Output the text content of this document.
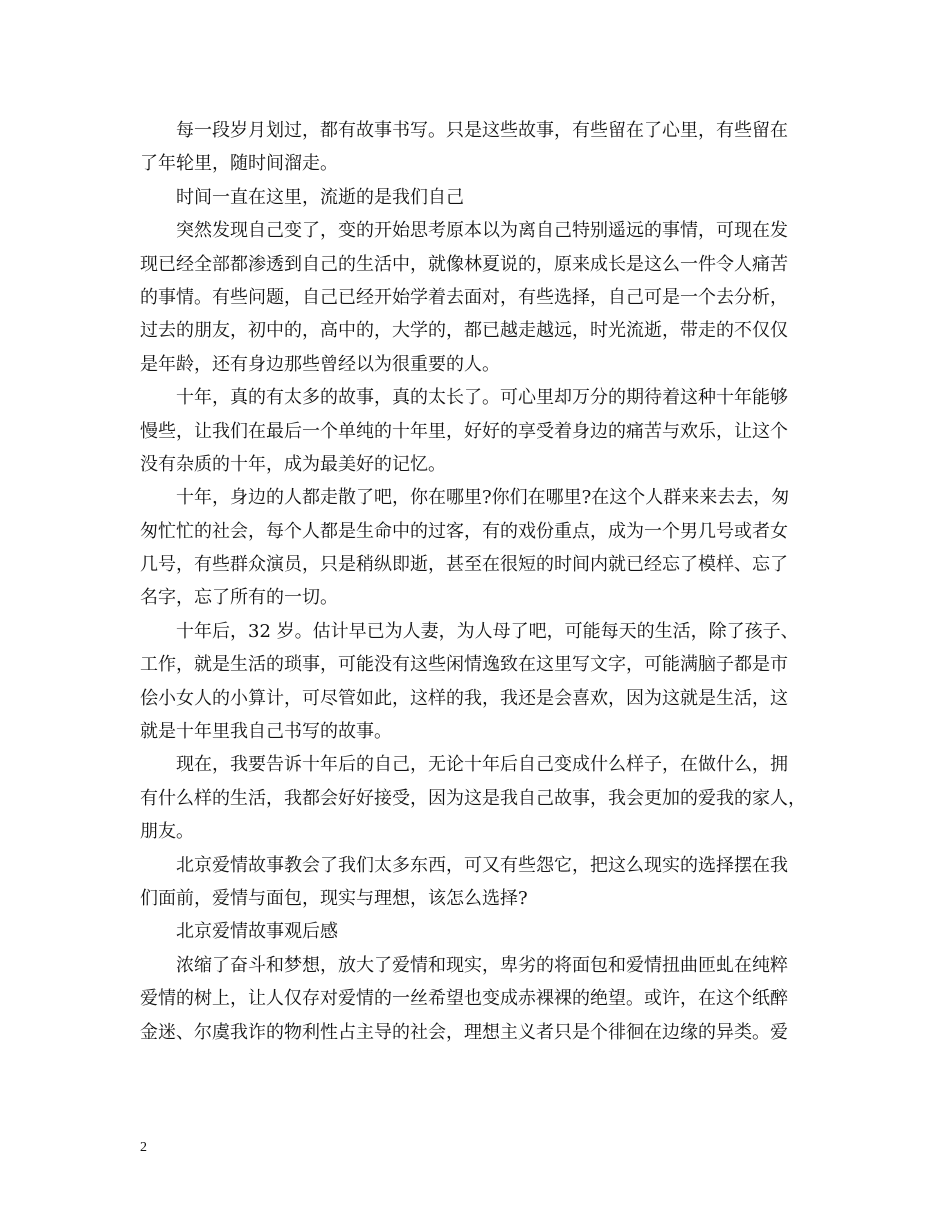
每一段岁月划过，都有故事书写。只是这些故事，有些留在了心里，有些留在
了年轮里，随时间溜走。
时间一直在这里，流逝的是我们自己
突然发现自己变了，变的开始思考原本以为离自己特别遥远的事情，可现在发
现已经全部都渗透到自己的生活中，就像林夏说的，原来成长是这么一件令人痛苦
的事情。有些问题，自己已经开始学着去面对，有些选择，自己可是一个去分析，
过去的朋友，初中的，高中的，大学的，都已越走越远，时光流逝，带走的不仅仅
是年龄，还有身边那些曾经以为很重要的人。
十年，真的有太多的故事，真的太长了。可心里却万分的期待着这种十年能够
慢些，让我们在最后一个单纯的十年里，好好的享受着身边的痛苦与欢乐，让这个
没有杂质的十年，成为最美好的记忆。
十年，身边的人都走散了吧，你在哪里?你们在哪里?在这个人群来来去去，匆
匆忙忙的社会，每个人都是生命中的过客，有的戏份重点，成为一个男几号或者女
几号，有些群众演员，只是稍纵即逝，甚至在很短的时间内就已经忘了模样、忘了
名字，忘了所有的一切。
十年后，32 岁。估计早已为人妻，为人母了吧，可能每天的生活，除了孩子、
工作，就是生活的琐事，可能没有这些闲情逸致在这里写文字，可能满脑子都是市
侩小女人的小算计，可尽管如此，这样的我，我还是会喜欢，因为这就是生活，这
就是十年里我自己书写的故事。
现在，我要告诉十年后的自己，无论十年后自己变成什么样子，在做什么，拥
有什么样的生活，我都会好好接受，因为这是我自己故事，我会更加的爱我的家人，
朋友。
北京爱情故事教会了我们太多东西，可又有些怨它，把这么现实的选择摆在我
们面前，爱情与面包，现实与理想，该怎么选择?
北京爱情故事观后感
浓缩了奋斗和梦想，放大了爱情和现实，卑劣的将面包和爱情扭曲匝虬在纯粹
爱情的树上，让人仅存对爱情的一丝希望也变成赤裸裸的绝望。或许，在这个纸醉
金迷、尔虞我诈的物利性占主导的社会，理想主义者只是个徘徊在边缘的异类。爱
2
